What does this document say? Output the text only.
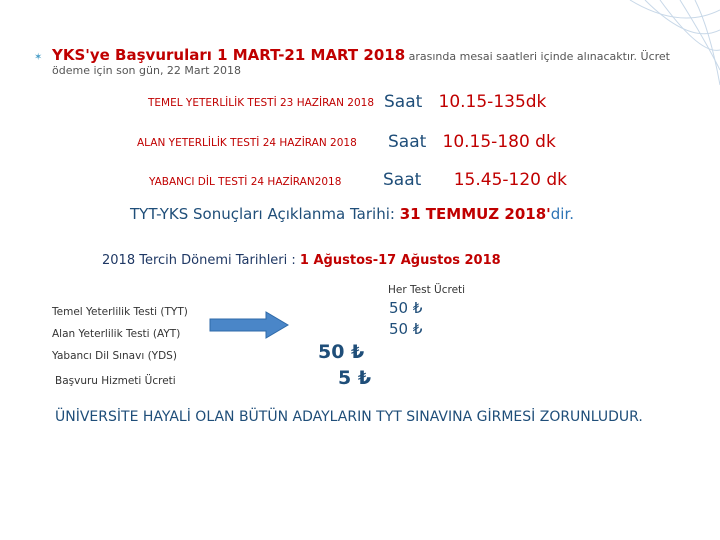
✶ YKS'ye Başvuruları 1 MART-21 MART 2018 arasında mesai saatleri içinde alınacaktır. Ücret
ödeme için son gün, 22 Mart 2018
TEMEL YETERLİLİK TESTİ 23 HAZİRAN 2018 Saat 10.15-135dk
ALAN YETERLİLİK TESTİ 24 HAZİRAN 2018 Saat 10.15-180 dk
YABANCI DİL TESTİ 24 HAZİRAN2018 Saat 15.45-120 dk
TYT-YKS Sonuçları Açıklanma Tarihi: 31 TEMMUZ 2018'dir.
2018 Tercih Dönemi Tarihleri : 1 Ağustos-17 Ağustos 2018
Her Test Ücreti
Temel Yeterlilik Testi (TYT)
Alan Yeterlilik Testi (AYT)
Yabancı Dil Sınavı (YDS)
Başvuru Hizmeti Ücreti
50 ₺
50 ₺
50 ₺
5 ₺
ÜNİVERSİTE HAYALİ OLAN BÜTÜN ADAYLARIN TYT SINAVINA GİRMESİ ZORUNLUDUR.
